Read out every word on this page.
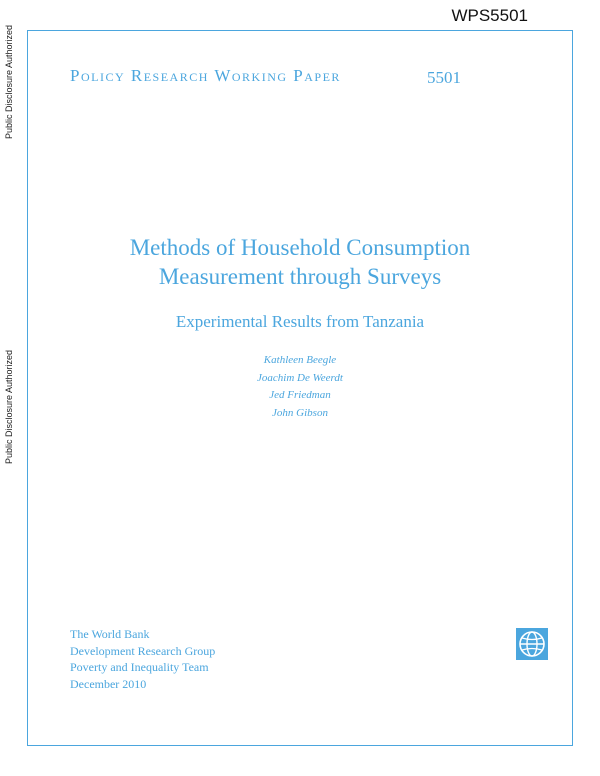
WPS5501
Public Disclosure Authorized
Public Disclosure Authorized
Policy Research Working Paper	5501
Methods of Household Consumption
Measurement through Surveys
Experimental Results from Tanzania
Kathleen Beegle
Joachim De Weerdt
Jed Friedman
John Gibson
The World Bank
Development Research Group
Poverty and Inequality Team
December 2010
